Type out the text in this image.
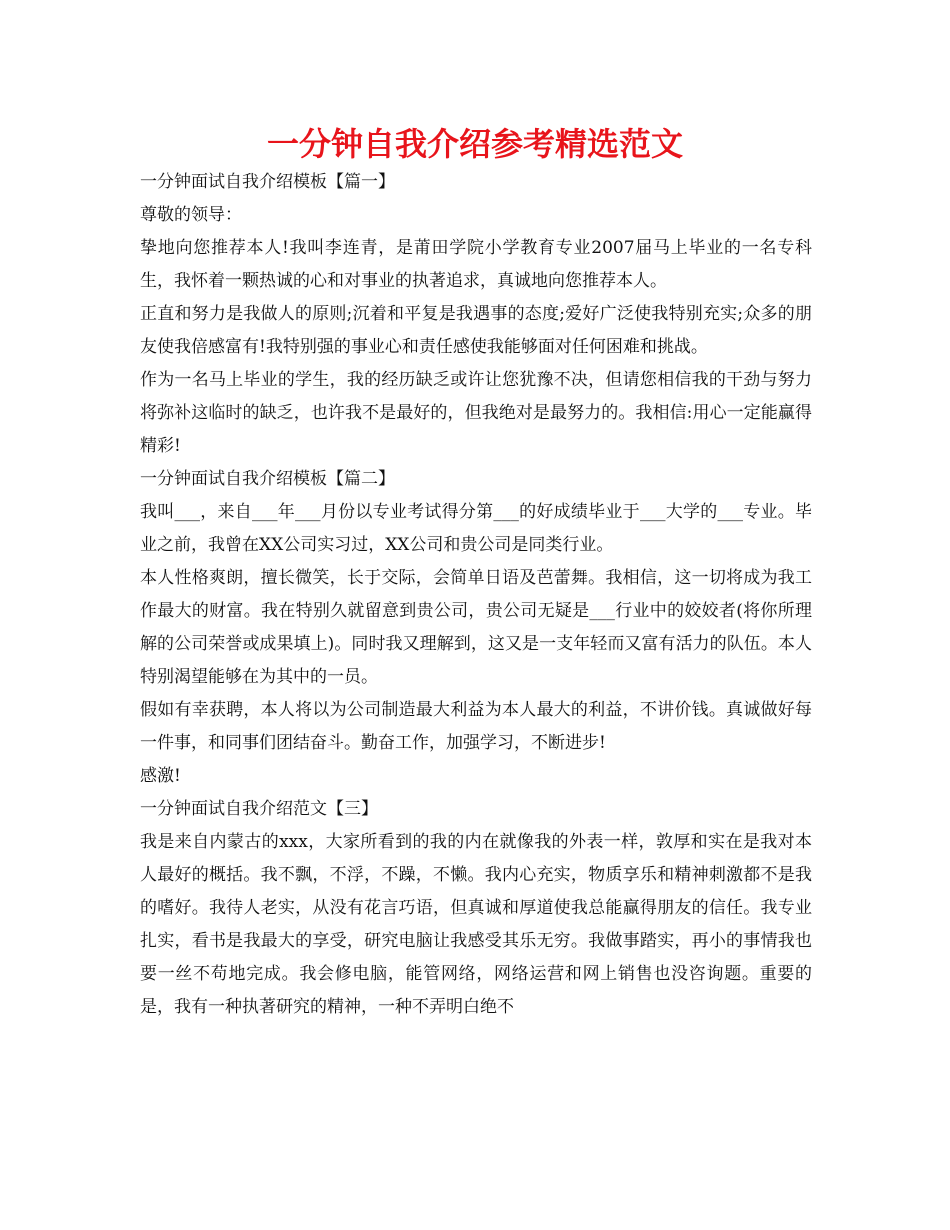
一分钟自我介绍参考精选范文

一分钟面试自我介绍模板【篇一】

尊敬的领导：

挚地向您推荐本人!我叫李连青，是莆田学院小学教育专业2007届马上毕业的一名专科生，我怀着一颗热诚的心和对事业的执著追求，真诚地向您推荐本人。

正直和努力是我做人的原则;沉着和平复是我遇事的态度;爱好广泛使我特别充实;众多的朋友使我倍感富有!我特别强的事业心和责任感使我能够面对任何困难和挑战。

作为一名马上毕业的学生，我的经历缺乏或许让您犹豫不决，但请您相信我的干劲与努力将弥补这临时的缺乏，也许我不是最好的，但我绝对是最努力的。我相信:用心一定能赢得精彩!

一分钟面试自我介绍模板【篇二】

我叫___，来自___年___月份以专业考试得分第___的好成绩毕业于___大学的___专业。毕业之前，我曾在XX公司实习过，XX公司和贵公司是同类行业。

本人性格爽朗，擅长微笑，长于交际，会简单日语及芭蕾舞。我相信，这一切将成为我工作最大的财富。我在特别久就留意到贵公司，贵公司无疑是___行业中的姣姣者(将你所理解的公司荣誉或成果填上)。同时我又理解到，这又是一支年轻而又富有活力的队伍。本人特别渴望能够在为其中的一员。

假如有幸获聘，本人将以为公司制造最大利益为本人最大的利益，不讲价钱。真诚做好每一件事，和同事们团结奋斗。勤奋工作，加强学习，不断进步!

感激!

一分钟面试自我介绍范文【三】

我是来自内蒙古的xxx，大家所看到的我的内在就像我的外表一样，敦厚和实在是我对本人最好的概括。我不飘，不浮，不躁，不懒。我内心充实，物质享乐和精神刺激都不是我的嗜好。我待人老实，从没有花言巧语，但真诚和厚道使我总能赢得朋友的信任。我专业扎实，看书是我最大的享受，研究电脑让我感受其乐无穷。我做事踏实，再小的事情我也要一丝不苟地完成。我会修电脑，能管网络，网络运营和网上销售也没咨询题。重要的是，我有一种执著研究的精神，一种不弄明白绝不
